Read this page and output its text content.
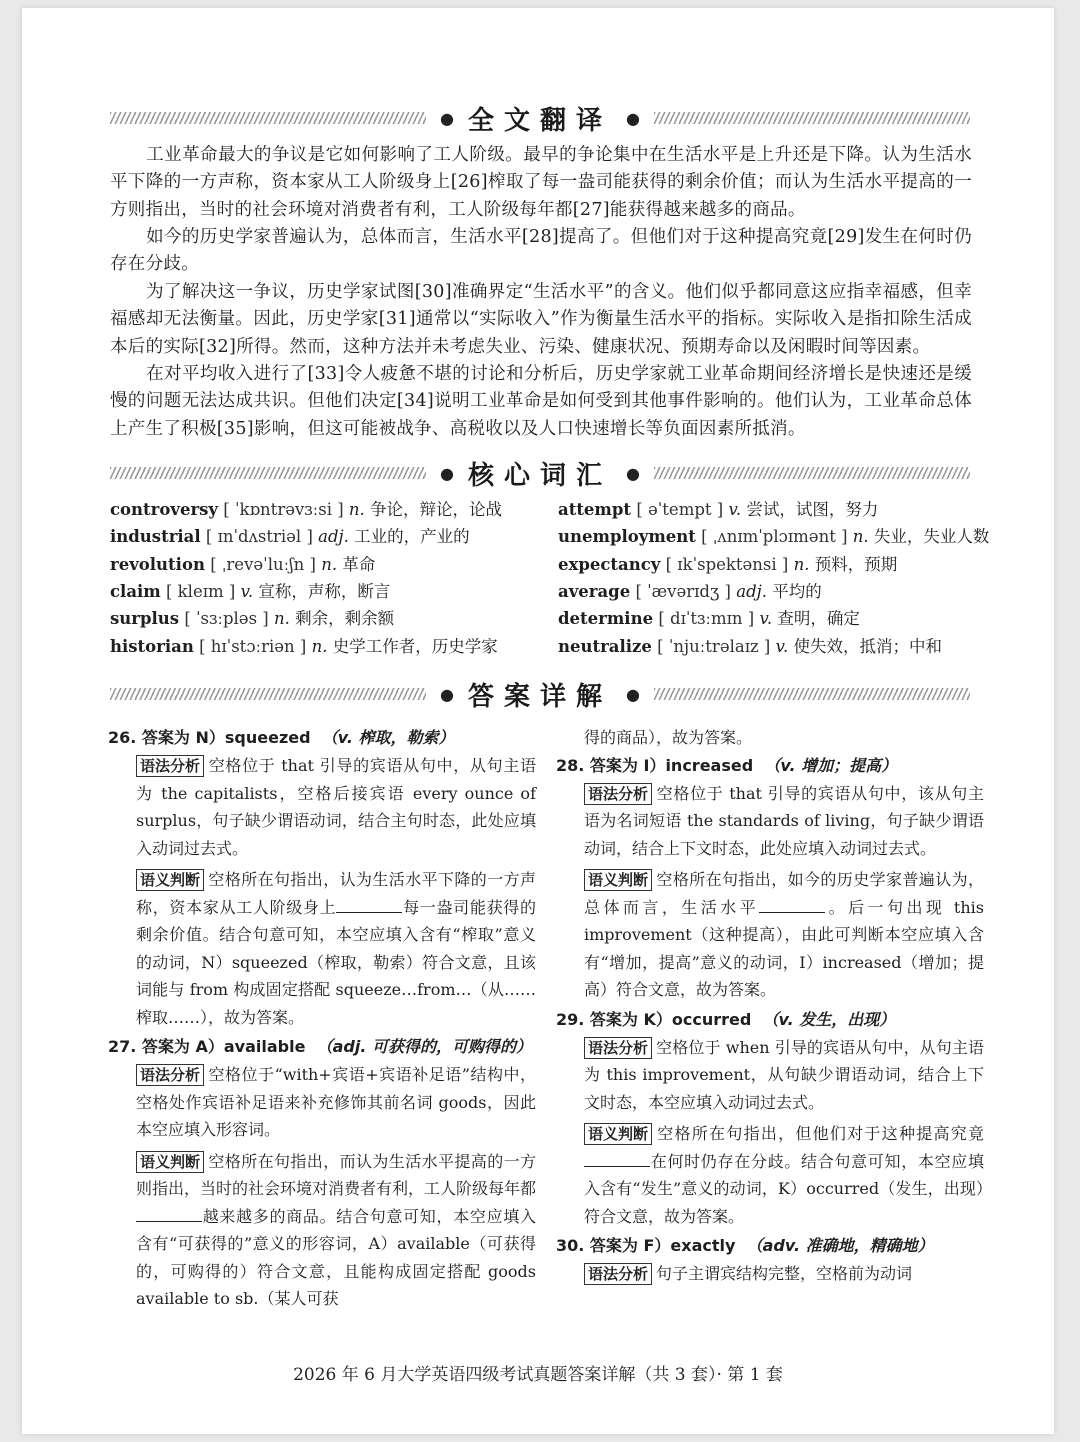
● 全文翻译 ●

工业革命最大的争议是它如何影响了工人阶级。最早的争论集中在生活水平是上升还是下降。认为生活水平下降的一方声称，资本家从工人阶级身上[26]榨取了每一盎司能获得的剩余价值；而认为生活水平提高的一方则指出，当时的社会环境对消费者有利，工人阶级每年都[27]能获得越来越多的商品。

如今的历史学家普遍认为，总体而言，生活水平[28]提高了。但他们对于这种提高究竟[29]发生在何时仍存在分歧。

为了解决这一争议，历史学家试图[30]准确界定“生活水平”的含义。他们似乎都同意这应指幸福感，但幸福感却无法衡量。因此，历史学家[31]通常以“实际收入”作为衡量生活水平的指标。实际收入是指扣除生活成本后的实际[32]所得。然而，这种方法并未考虑失业、污染、健康状况、预期寿命以及闲暇时间等因素。

在对平均收入进行了[33]令人疲惫不堪的讨论和分析后，历史学家就工业革命期间经济增长是快速还是缓慢的问题无法达成共识。但他们决定[34]说明工业革命是如何受到其他事件影响的。他们认为，工业革命总体上产生了积极[35]影响，但这可能被战争、高税收以及人口快速增长等负面因素所抵消。

● 核心词汇 ●
controversy [ ˈkɒntrəvɜːsi ] n. 争论，辩论，论战
industrial [ ɪnˈdʌstriəl ] adj. 工业的，产业的
revolution [ ˌrevəˈluːʃn ] n. 革命
claim [ kleɪm ] v. 宣称，声称，断言
surplus [ ˈsɜːpləs ] n. 剩余，剩余额
historian [ hɪˈstɔːriən ] n. 史学工作者，历史学家
attempt [ əˈtempt ] v. 尝试，试图，努力
unemployment [ ˌʌnɪmˈplɔɪmənt ] n. 失业，失业人数
expectancy [ ɪkˈspektənsi ] n. 预料，预期
average [ ˈævərɪdʒ ] adj. 平均的
determine [ dɪˈtɜːmɪn ] v. 查明，确定
neutralize [ ˈnjuːtrəlaɪz ] v. 使失效，抵消；中和
● 答案详解 ●

26. 答案为 N）squeezed （v. 榨取，勒索）

语法分析 空格位于 that 引导的宾语从句中，从句主语为 the capitalists，空格后接宾语 every ounce of surplus，句子缺少谓语动词，结合主句时态，此处应填入动词过去式。

语义判断 空格所在句指出，认为生活水平下降的一方声称，资本家从工人阶级身上	每一盎司能获得的剩余价值。结合句意可知，本空应填入含有“榨取”意义的动词，N）squeezed（榨取，勒索）符合文意，且该词能与 from 构成固定搭配 squeeze…from…（从……榨取……），故为答案。

27. 答案为 A）available （adj. 可获得的，可购得的）

语法分析 空格位于“with+宾语+宾语补足语”结构中，空格处作宾语补足语来补充修饰其前名词 goods，因此本空应填入形容词。

语义判断 空格所在句指出，而认为生活水平提高的一方则指出，当时的社会环境对消费者有利，工人阶级每年都越来越多的商品。结合句意可知，本空应填入含有“可获得的”意义的形容词，A）available（可获得的，可购得的）符合文意，且能构成固定搭配 goods available to sb.（某人可获

得的商品），故为答案。

28. 答案为 I）increased （v. 增加；提高）

语法分析 空格位于 that 引导的宾语从句中，该从句主语为名词短语 the standards of living，句子缺少谓语动词，结合上下文时态，此处应填入动词过去式。

语义判断 空格所在句指出，如今的历史学家普遍认为，总体而言，生活水平	。后一句出现 this improvement（这种提高），由此可判断本空应填入含有“增加，提高”意义的动词，I）increased（增加；提高）符合文意，故为答案。

29. 答案为 K）occurred （v. 发生，出现）

语法分析 空格位于 when 引导的宾语从句中，从句主语为 this improvement，从句缺少谓语动词，结合上下文时态，本空应填入动词过去式。

语义判断 空格所在句指出，但他们对于这种提高究竟在何时仍存在分歧。结合句意可知，本空应填入含有“发生”意义的动词，K）occurred（发生，出现）符合文意，故为答案。

30. 答案为 F）exactly （adv. 准确地，精确地）

语法分析 句子主谓宾结构完整，空格前为动词

2026 年 6 月大学英语四级考试真题答案详解（共 3 套）· 第 1 套
